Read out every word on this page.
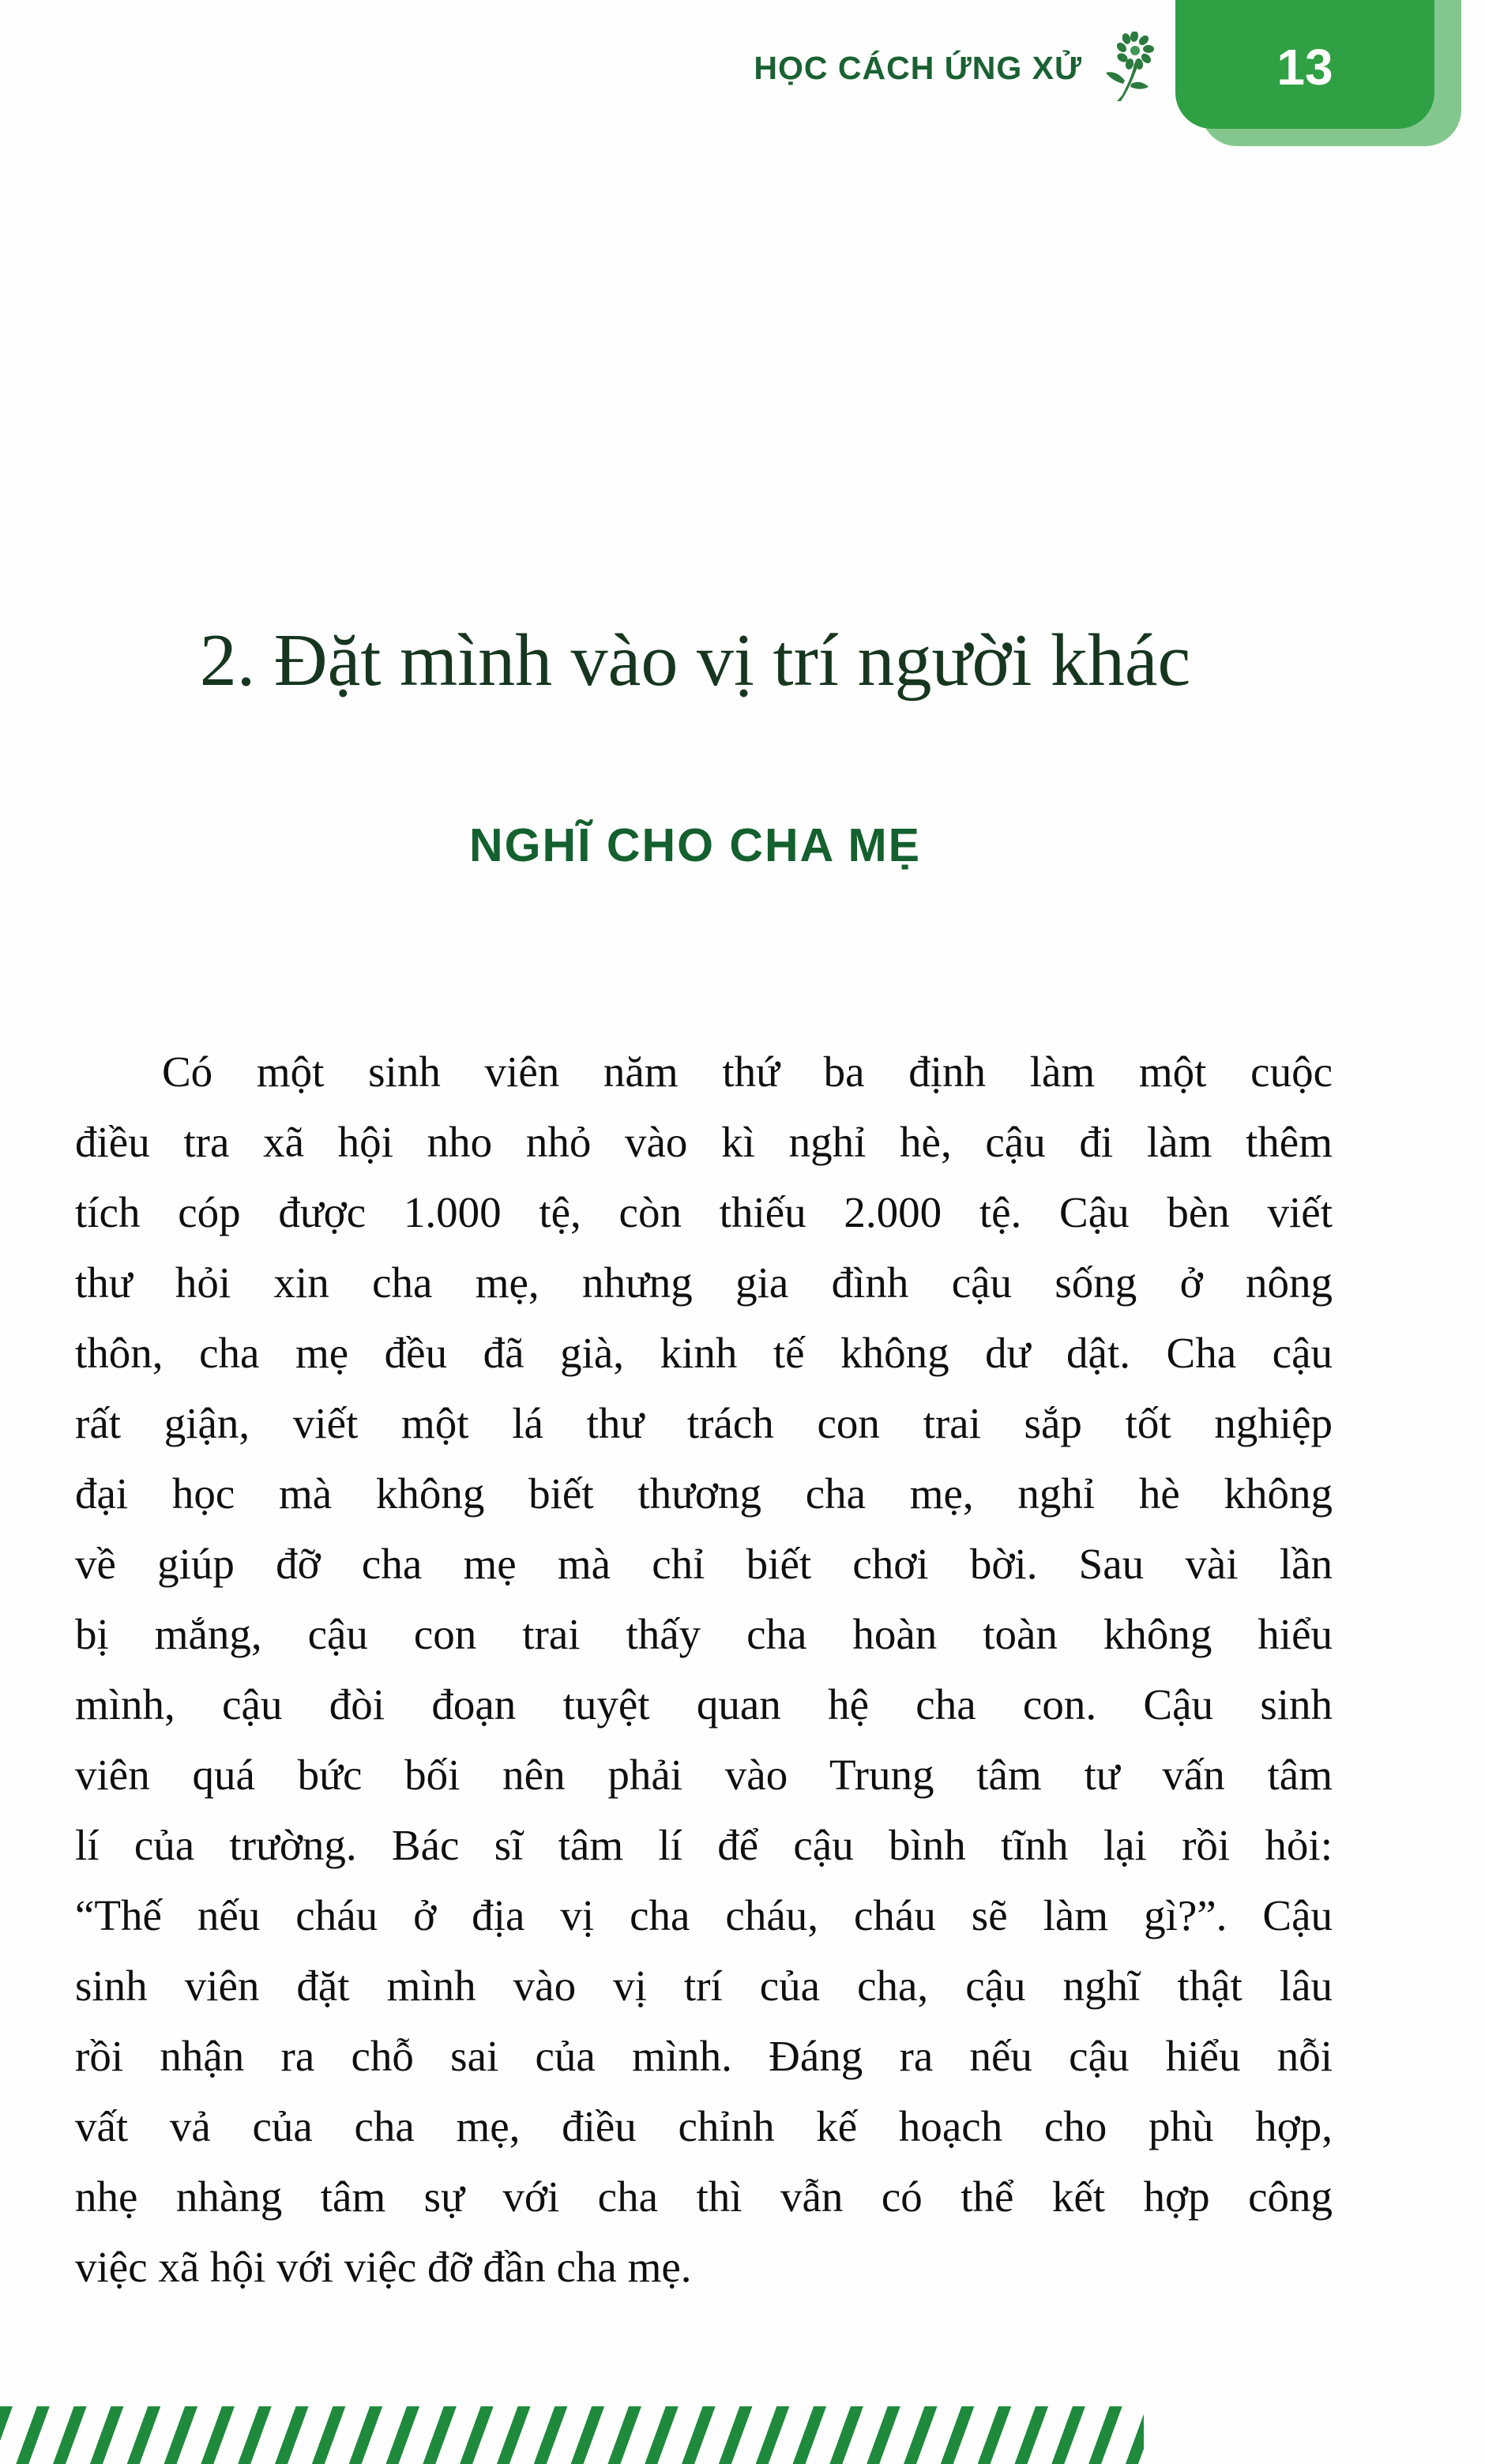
13
HỌC CÁCH ỨNG XỬ
2. Đặt mình vào vị trí người khác
NGHĨ CHO CHA MẸ
Có một sinh viên năm thứ ba định làm một cuộc
điều tra xã hội nho nhỏ vào kì nghỉ hè, cậu đi làm thêm
tích cóp được 1.000 tệ, còn thiếu 2.000 tệ. Cậu bèn viết
thư hỏi xin cha mẹ, nhưng gia đình cậu sống ở nông
thôn, cha mẹ đều đã già, kinh tế không dư dật. Cha cậu
rất giận, viết một lá thư trách con trai sắp tốt nghiệp
đại học mà không biết thương cha mẹ, nghỉ hè không
về giúp đỡ cha mẹ mà chỉ biết chơi bời. Sau vài lần
bị mắng, cậu con trai thấy cha hoàn toàn không hiểu
mình, cậu đòi đoạn tuyệt quan hệ cha con. Cậu sinh
viên quá bức bối nên phải vào Trung tâm tư vấn tâm
lí của trường. Bác sĩ tâm lí để cậu bình tĩnh lại rồi hỏi:
“Thế nếu cháu ở địa vị cha cháu, cháu sẽ làm gì?”. Cậu
sinh viên đặt mình vào vị trí của cha, cậu nghĩ thật lâu
rồi nhận ra chỗ sai của mình. Đáng ra nếu cậu hiểu nỗi
vất vả của cha mẹ, điều chỉnh kế hoạch cho phù hợp,
nhẹ nhàng tâm sự với cha thì vẫn có thể kết hợp công
việc xã hội với việc đỡ đần cha mẹ.
